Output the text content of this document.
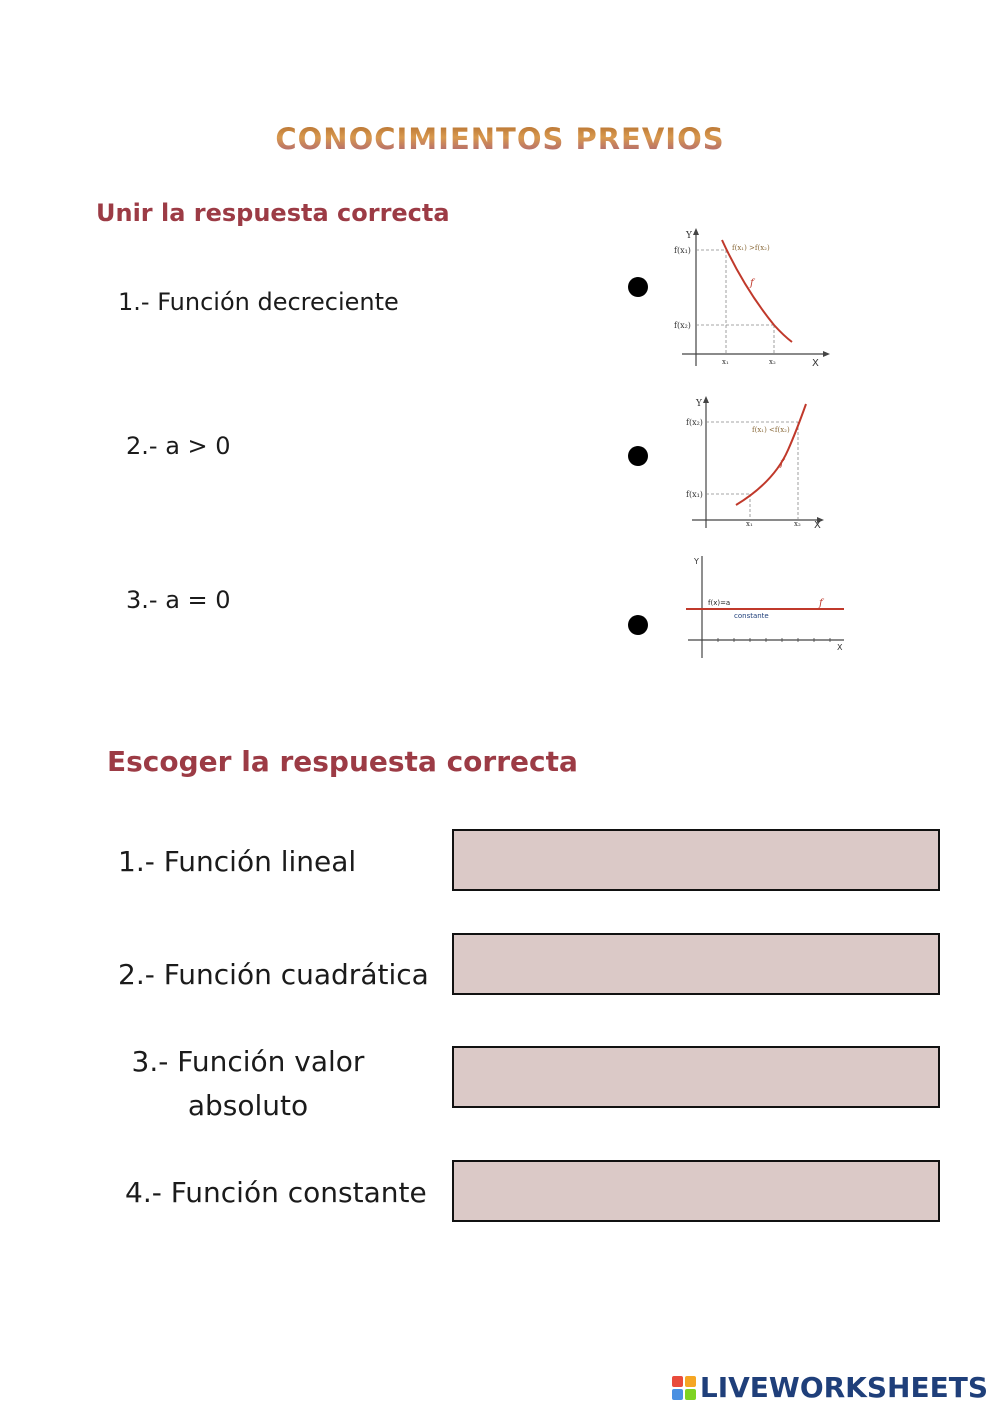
CONOCIMIENTOS PREVIOS
Unir la respuesta correcta
1.- Función decreciente
2.- a > 0
3.- a = 0
Y
X
f(x₁)
f(x₂)
x₁	x₂
f(x₁) >f(x₂)
f
Y
X
f(x₂)
f(x₁)
x₁	x₂
f(x₁) <f(x₂)
f
Y
X
f(x)=a
constante
f
Escoger la respuesta correcta
1.- Función lineal
2.- Función cuadrática
3.- Función valor absoluto
4.- Función constante
LIVEWORKSHEETS
